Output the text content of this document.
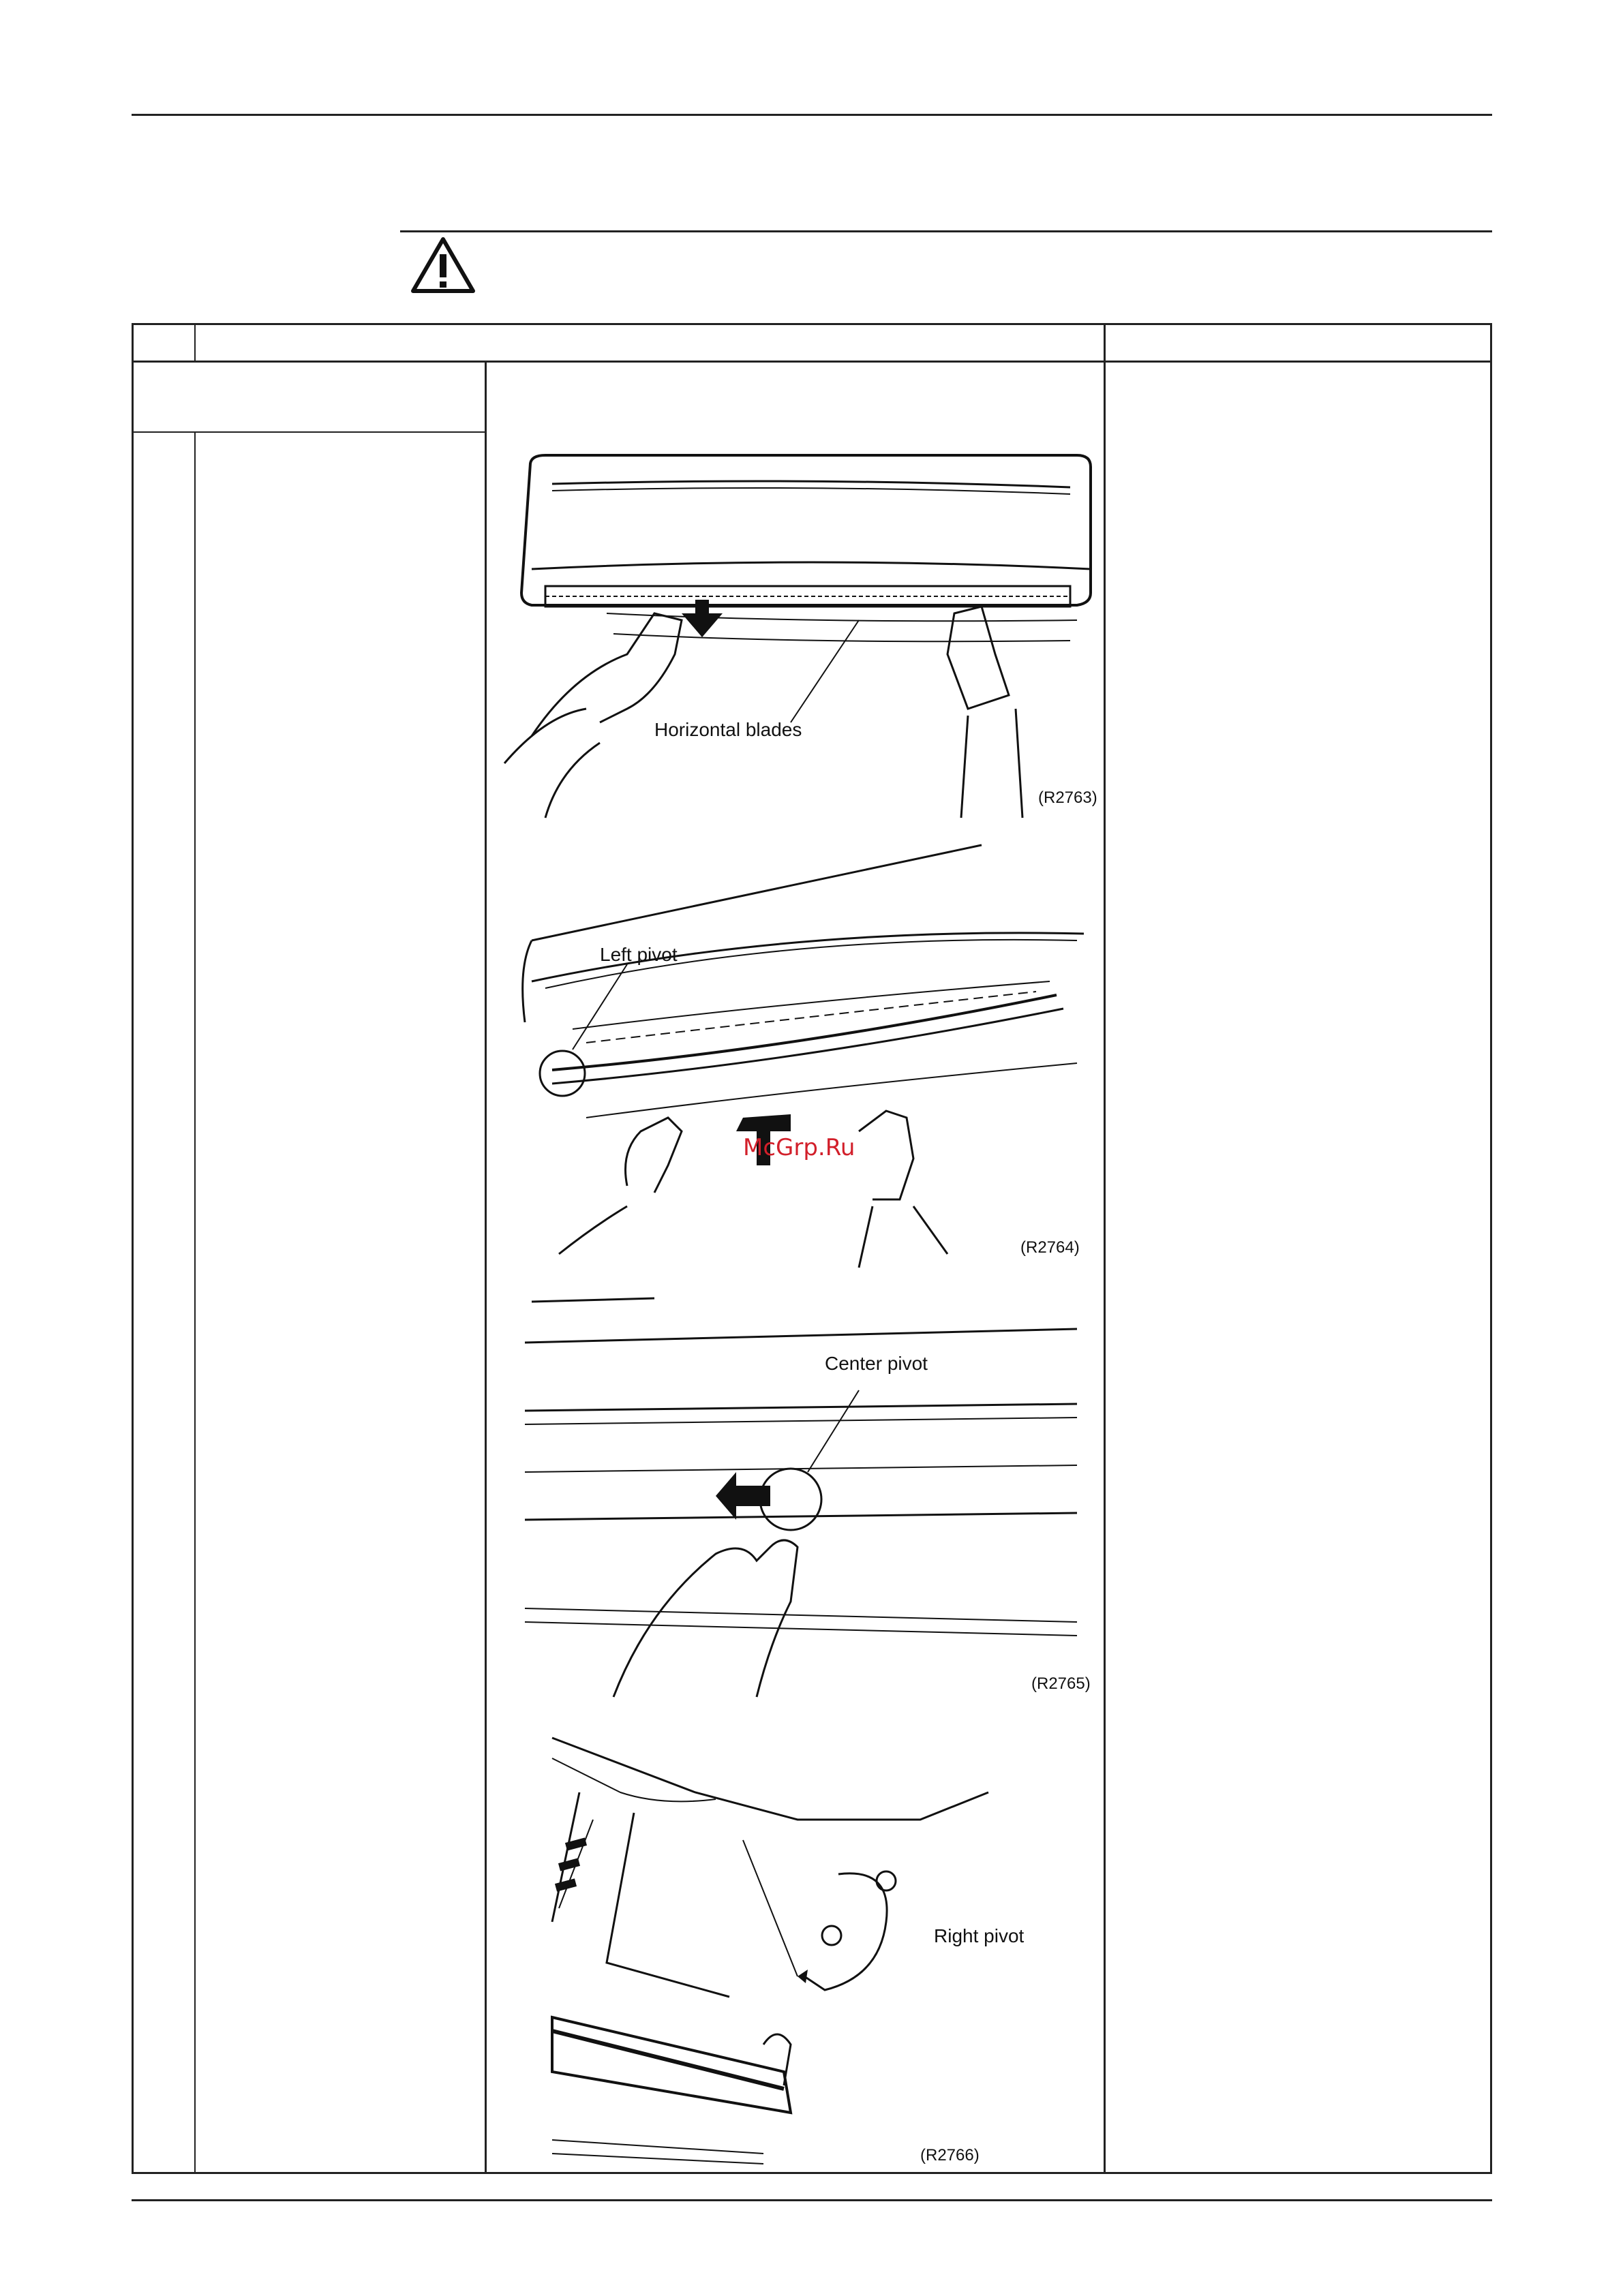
Horizontal blades
(R2763)
Left pivot
McGrp.Ru
(R2764)
Center pivot
(R2765)
Right pivot
(R2766)
